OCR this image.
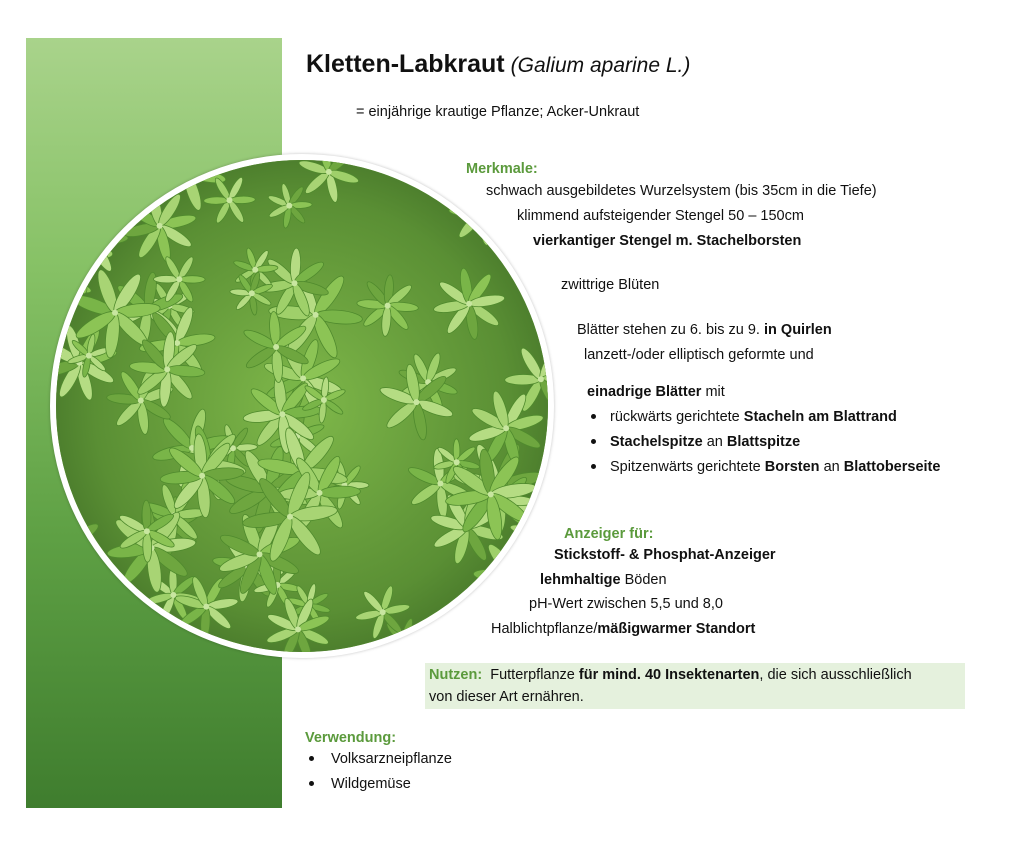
Kletten-Labkraut (Galium aparine L.)
= einjährige krautige Pflanze; Acker-Unkraut
Merkmale:
schwach ausgebildetes Wurzelsystem (bis 35cm in die Tiefe)
klimmend aufsteigender Stengel 50 – 150cm
vierkantiger Stengel m. Stachelborsten
zwittrige Blüten
Blätter stehen zu 6. bis zu 9. in Quirlen
lanzett-/oder elliptisch geformte und
einadrige Blätter mit
rückwärts gerichtete Stacheln am Blattrand
Stachelspitze an Blattspitze
Spitzenwärts gerichtete Borsten an Blattoberseite
Anzeiger für:
Stickstoff- & Phosphat-Anzeiger
lehmhaltige Böden
pH-Wert zwischen 5,5 und 8,0
Halblichtpflanze/mäßigwarmer Standort
Nutzen:  Futterpflanze für mind. 40 Insektenarten, die sich ausschließlich
von dieser Art ernähren.
Verwendung:
Volksarzneipflanze
Wildgemüse
